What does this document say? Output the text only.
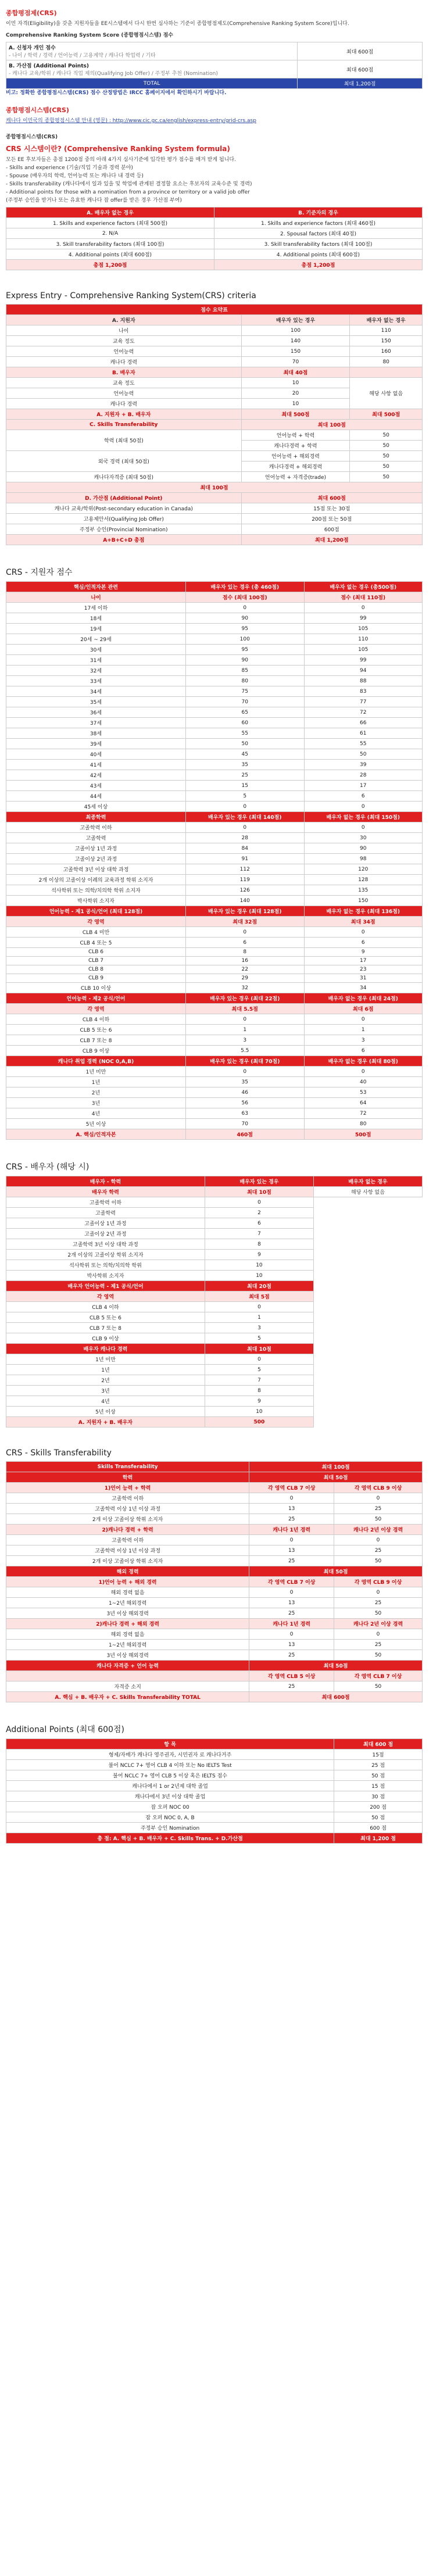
종합평점제(CRS)
이민 자격(Eligibility)을 갖춘 지원자들을 EE시스템에서 다시 한번 심사하는 기준이 종합평점제도(Comprehensive Ranking System Score)입니다.
Comprehensive Ranking System Score (종합평점시스템) 점수
A. 신청자 개인 점수
- 나이 / 학력 / 경력 / 언어능력 / 고용계약 / 캐나다 학업력 / 기타	최대 600점

B. 가산점 (Additional Points)
- 캐나다 교육/학위 / 캐나다 직업 제의(Qualifying Job Offer) / 주정부 추천 (Nomination)	최대 600점
TOTAL	최대 1,200점
비고: 정확한 종합평점시스템(CRS) 점수 산정방법은 IRCC 홈페이지에서 확인하시기 바랍니다.
종합평점시스템(CRS)
캐나다 이민국의 종합평점시스템 안내 (영문) : http://www.cic.gc.ca/english/express-entry/grid-crs.asp
종합평점시스템(CRS)
CRS 시스템이란? (Comprehensive Ranking System formula)
모든 EE 후보자들은 총점 1200점 중의 아래 4가지 심사기준에 입각한 평가 점수를 매겨 받게 됩니다.
- Skills and experience (기술/직업 기술과 경력 분야)
- Spouse (배우자의 학력, 언어능력 또는 캐나다 내 경력 등)
- Skills transferability (캐나다에서 일과 있을 및 학업에 관계된 결정할 요소는 후보자의 교육수준 및 경력)
- Additional points for those with a nomination from a province or territory or a valid job offer
(주정부 승인을 받거나 또는 유효한 캐나다 잡 offer를 받은 경우 가산점 부여)
A. 배우자 없는 경우	B. 기준자의 경우
1. Skills and experience factors (최대 500점)	1. Skills and experience factors (최대 460점)
2. N/A	2. Spousal factors (최대 40점)
3. Skill transferability factors (최대 100점)	3. Skill transferability factors (최대 100점)
4. Additional points (최대 600점)	4. Additional points (최대 600점)
총점 1,200점	총점 1,200점
Express Entry - Comprehensive Ranking System(CRS) criteria
점수 요약표		
A. 지원자	배우자 있는 경우	배우자 없는 경우
나이	100	110
교육 정도	140	150
언어능력	150	160
캐나다 경력	70	80
B. 배우자	최대 40점	
교육 정도	10	해당 사항 없음
언어능력	20	
캐나다 경력	10	
A. 지원자 + B. 배우자	최대 500점	최대 500점
C. Skills Transferability	최대 100점	
학력 (최대 50점)	언어능력 + 학력	50
	캐나다경력 + 학력	50
외국 경력 (최대 50점)	언어능력 + 해외경력	50
	캐나다경력 + 해외경력	50
캐나다자격증 (최대 50점)	언어능력 + 자격증(trade)	50
최대 100점		
D. 가산점 (Additional Point)	최대 600점	
캐나다 교육/학위(Post-secondary education in Canada)	15점 또는 30점	
고용제안서(Qualifying Job Offer)	200점 또는 50점	
주정부 승인(Provincial Nomination)	600점	
A+B+C+D 총점	최대 1,200점	
CRS - 지원자 점수
핵심/인적자본 관련	배우자 있는 경우 (총 460점)	배우자 없는 경우 (총500점)
나이	점수 (최대 100점)	점수 (최대 110점)
17세 이하	0	0
18세	90	99
19세	95	105
20세 ~ 29세	100	110
30세	95	105
31세	90	99
32세	85	94
33세	80	88
34세	75	83
35세	70	77
36세	65	72
37세	60	66
38세	55	61
39세	50	55
40세	45	50
41세	35	39
42세	25	28
43세	15	17
44세	5	6
45세 이상	0	0
최종학력	배우자 있는 경우 (최대 140점)	배우자 없는 경우 (최대 150점)
고졸학력 이하	0	0
고졸학력	28	30
고졸이상 1년 과정	84	90
고졸이상 2년 과정	91	98
고졸학력 3년 이상 대학 과정	112	120
2개 이상의 고졸이상 이례의 교육과정 학위 소지자	119	128
석사학위 또는 의학/치의학 학위 소지자	126	135
박사학위 소지자	140	150
언어능력 - 제1 공식/언어 (최대 128점)	배우자 있는 경우 (최대 128점)	배우자 없는 경우 (최대 136점)
각 영역	최대 32점	최대 34점
CLB 4 미만	0	0
CLB 4 또는 5	6	6
CLB 6	8	9
CLB 7	16	17
CLB 8	22	23
CLB 9	29	31
CLB 10 이상	32	34
언어능력 - 제2 공식/언어	배우자 있는 경우 (최대 22점)	배우자 없는 경우 (최대 24점)
각 영역	최대 5.5점	최대 6점
CLB 4 이하	0	0
CLB 5 또는 6	1	1
CLB 7 또는 8	3	3
CLB 9 이상	5.5	6
캐나다 취업 경력 (NOC 0,A,B)	배우자 있는 경우 (최대 70점)	배우자 없는 경우 (최대 80점)
1년 미만	0	0
1년	35	40
2년	46	53
3년	56	64
4년	63	72
5년 이상	70	80
A. 핵심/인적자본	460점	500점
CRS - 배우자 (해당 시)
배우자 - 학력	배우자 있는 경우	배우자 없는 경우
배우자 학력	최대 10점	해당 사항 없음
고졸학력 이하	0	
고졸학력	2	
고졸이상 1년 과정	6	
고졸이상 2년 과정	7	
고졸학력 3년 이상 대학 과정	8	
2개 이상의 고졸이상 학위 소지자	9	
석사학위 또는 의학/치의학 학위	10	
박사학위 소지자	10	
배우자 언어능력 - 제1 공식/언어	최대 20점	
각 영역	최대 5점	
CLB 4 이하	0	
CLB 5 또는 6	1	
CLB 7 또는 8	3	
CLB 9 이상	5	
배우자 캐나다 경력	최대 10점	
1년 미만	0	
1년	5	
2년	7	
3년	8	
4년	9	
5년 이상	10	
A. 지원자 + B. 배우자	500	
CRS - Skills Transferability
Skills Transferability	최대 100점	
학력	최대 50점	
1)언어 능력 + 학력	각 영역 CLB 7 이상	각 영역 CLB 9 이상
고졸학력 이하	0	0
고졸학력 이상 1년 이상 과정	13	25
2개 이상 고졸이상 학위 소지자	25	50
2)캐나다 경력 + 학력	캐나다 1년 경력	캐나다 2년 이상 경력
고졸학력 이하	0	0
고졸학력 이상 1년 이상 과정	13	25
2개 이상 고졸이상 학위 소지자	25	50
해외 경력	최대 50점	
1)언어 능력 + 해외 경력	각 영역 CLB 7 이상	각 영역 CLB 9 이상
해외 경력 없음	0	0
1~2년 해외경력	13	25
3년 이상 해외경력	25	50
2)캐나다 경력 + 해외 경력	캐나다 1년 경력	캐나다 2년 이상 경력
해외 경력 없음	0	0
1~2년 해외경력	13	25
3년 이상 해외경력	25	50
캐나다 자격증 + 언어 능력	최대 50점	
	각 영역 CLB 5 이상	각 영역 CLB 7 이상
자격증 소지	25	50
A. 핵심 + B. 배우자 + C. Skills Transferability TOTAL	최대 600점	
Additional Points (최대 600점)
항 목	최대 600 점
형제/자매가 캐나다 영주권자, 시민권자 로 캐나다거주	15점
불어 NCLC 7+ 영어 CLB 4 이하 또는 No IELTS Test	25 점
불어 NCLC 7+ 영어 CLB 5 이상 혹은 IELTS 점수	50 점
캐나다에서 1 or 2년제 대학 졸업	15 점
캐나다에서 3년 이상 대학 졸업	30 점
잡 오퍼 NOC 00	200 점
잡 오퍼 NOC 0, A, B	50 점
주정부 승인 Nomination	600 점
총 점: A. 핵심 + B. 배우자 + C. Skills Trans. + D.가산점	최대 1,200 점
